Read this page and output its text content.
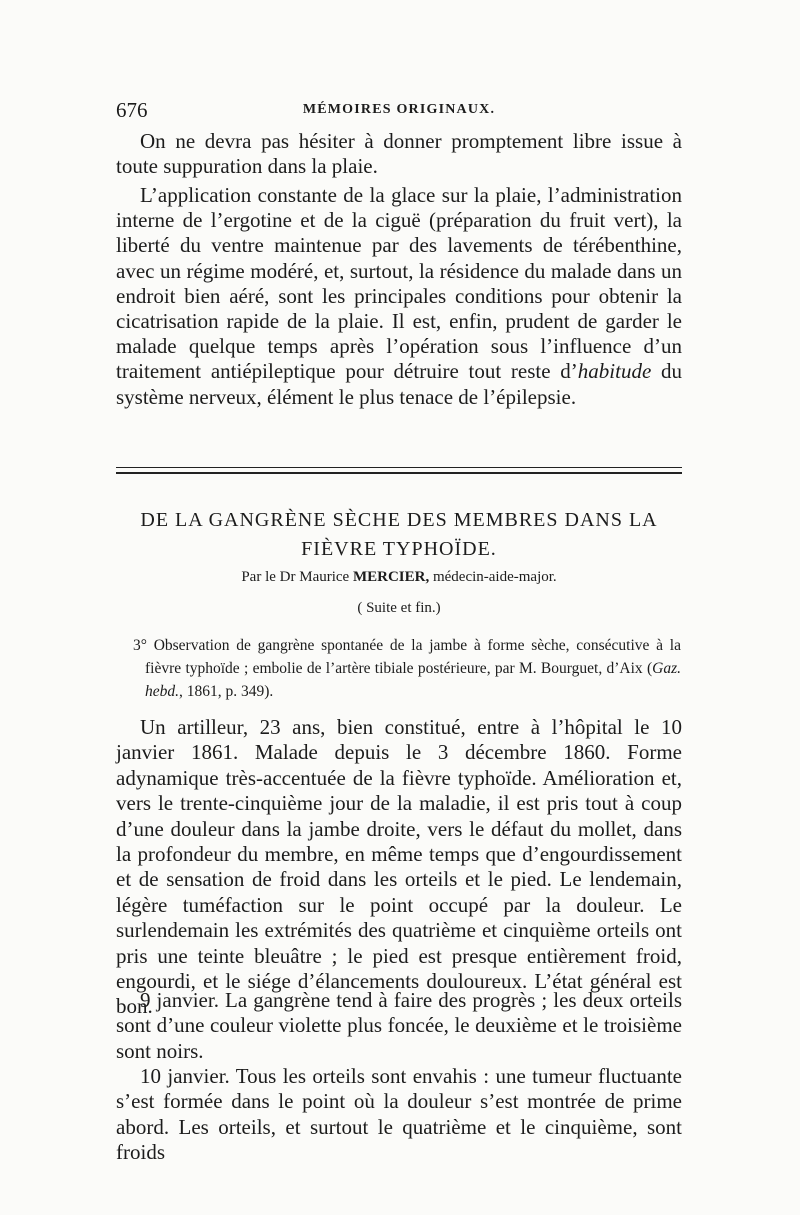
676	MÉMOIRES ORIGINAUX.

On ne devra pas hésiter à donner promptement libre issue à toute suppuration dans la plaie.

L’application constante de la glace sur la plaie, l’administration interne de l’ergotine et de la ciguë (préparation du fruit vert), la liberté du ventre maintenue par des lavements de térébenthine, avec un régime modéré, et, surtout, la résidence du malade dans un endroit bien aéré, sont les principales conditions pour obtenir la cicatrisation rapide de la plaie. Il est, enfin, prudent de garder le malade quelque temps après l’opération sous l’influence d’un traitement antiépileptique pour détruire tout reste d’habitude du système nerveux, élément le plus tenace de l’épilepsie.

DE LA GANGRÈNE SÈCHE DES MEMBRES DANS LA
FIÈVRE TYPHOÏDE.
Par le Dr Maurice MERCIER, médecin-aide-major.
( Suite et fin.)
3° Observation de gangrène spontanée de la jambe à forme sèche, consécutive à la fièvre typhoïde ; embolie de l’artère tibiale postérieure, par M. Bourguet, d’Aix (Gaz. hebd., 1861, p. 349).

Un artilleur, 23 ans, bien constitué, entre à l’hôpital le 10 janvier 1861. Malade depuis le 3 décembre 1860. Forme adynamique très-accentuée de la fièvre typhoïde. Amélioration et, vers le trente-cinquième jour de la maladie, il est pris tout à coup d’une douleur dans la jambe droite, vers le défaut du mollet, dans la profondeur du membre, en même temps que d’engourdissement et de sensation de froid dans les orteils et le pied. Le lendemain, légère tuméfaction sur le point occupé par la douleur. Le surlendemain les extrémités des quatrième et cinquième orteils ont pris une teinte bleuâtre ; le pied est presque entièrement froid, engourdi, et le siége d’élancements douloureux. L’état général est bon.

9 janvier. La gangrène tend à faire des progrès ; les deux orteils sont d’une couleur violette plus foncée, le deuxième et le troisième sont noirs.

10 janvier. Tous les orteils sont envahis : une tumeur fluctuante s’est formée dans le point où la douleur s’est montrée de prime abord. Les orteils, et surtout le quatrième et le cinquième, sont froids
